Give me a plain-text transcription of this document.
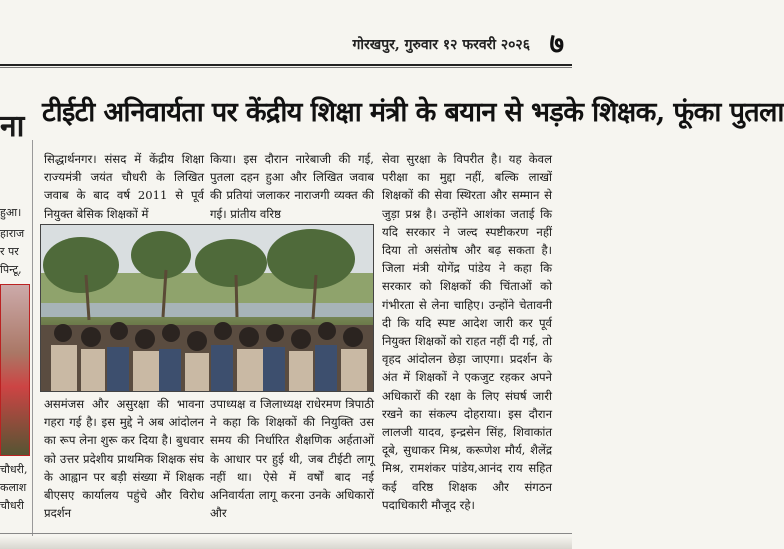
गोरखपुर, गुरुवार १२ फरवरी २०२६ ७
ना
हुआ।
हाराज
र पर
पिन्टू,
चौधरी,
कलाश
चौधरी
टीईटी अनिवार्यता पर केंद्रीय शिक्षा मंत्री के बयान से भड़के शिक्षक, फूंका पुतला

सिद्धार्थनगर। संसद में केंद्रीय शिक्षा राज्यमंत्री जयंत चौधरी के लिखित जवाब के बाद वर्ष 2011 से पूर्व नियुक्त बेसिक शिक्षकों में

किया। इस दौरान नारेबाजी की गई, पुतला दहन हुआ और लिखित जवाब की प्रतियां जलाकर नाराजगी व्यक्त की गई। प्रांतीय वरिष्ठ

सेवा सुरक्षा के विपरीत है। यह केवल परीक्षा का मुद्दा नहीं, बल्कि लाखों शिक्षकों की सेवा स्थिरता और सम्मान से जुड़ा प्रश्न है। उन्होंने आशंका जताई कि यदि सरकार ने जल्द स्पष्टीकरण नहीं दिया तो असंतोष और बढ़ सकता है। जिला मंत्री योगेंद्र पांडेय ने कहा कि सरकार को शिक्षकों की चिंताओं को गंभीरता से लेना चाहिए। उन्होंने चेतावनी दी कि यदि स्पष्ट आदेश जारी कर पूर्व नियुक्त शिक्षकों को राहत नहीं दी गई, तो वृहद आंदोलन छेड़ा जाएगा। प्रदर्शन के अंत में शिक्षकों ने एकजुट रहकर अपने अधिकारों की रक्षा के लिए संघर्ष जारी रखने का संकल्प दोहराया। इस दौरान लालजी यादव, इन्द्रसेन सिंह, शिवाकांत दूबे, सुधाकर मिश्र, करूणेश मौर्य, शैलेंद्र मिश्र, रामशंकर पांडेय,आनंद राय सहित कई वरिष्ठ शिक्षक और संगठन पदाधिकारी मौजूद रहे।

असमंजस और असुरक्षा की भावना गहरा गई है। इस मुद्दे ने अब आंदोलन का रूप लेना शुरू कर दिया है। बुधवार को उत्तर प्रदेशीय प्राथमिक शिक्षक संघ के आह्वान पर बड़ी संख्या में शिक्षक बीएसए कार्यालय पहुंचे और विरोध प्रदर्शन

उपाध्यक्ष व जिलाध्यक्ष राधेरमण त्रिपाठी ने कहा कि शिक्षकों की नियुक्ति उस समय की निर्धारित शैक्षणिक अर्हताओं के आधार पर हुई थी, जब टीईटी लागू नहीं था। ऐसे में वर्षों बाद नई अनिवार्यता लागू करना उनके अधिकारों और
